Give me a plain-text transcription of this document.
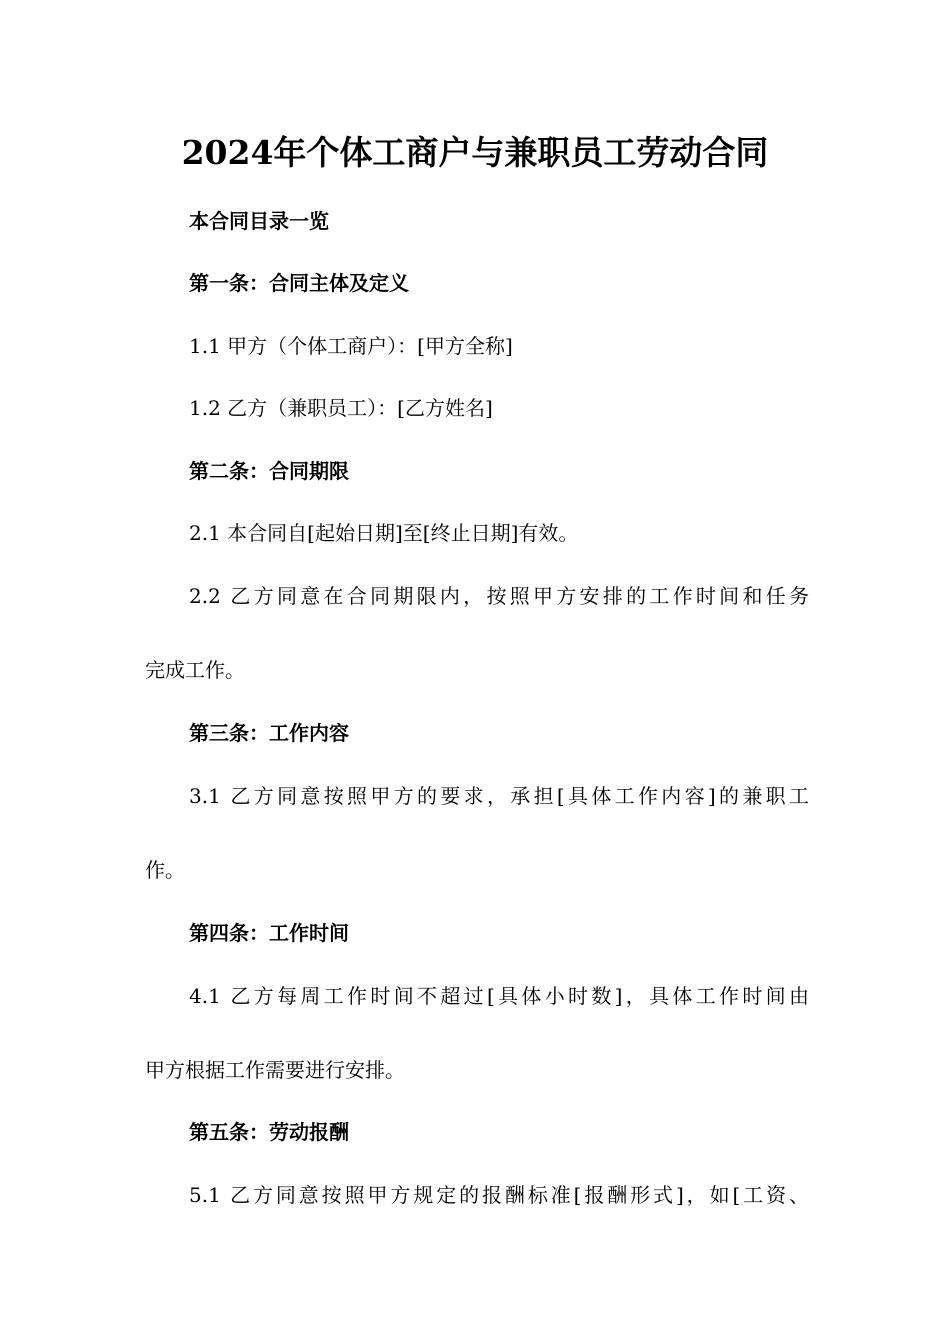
2024年个体工商户与兼职员工劳动合同
本合同目录一览
第一条：合同主体及定义
1.1 甲方（个体工商户）：[甲方全称]
1.2 乙方（兼职员工）：[乙方姓名]
第二条：合同期限
2.1 本合同自[起始日期]至[终止日期]有效。
2.2 乙方同意在合同期限内，按照甲方安排的工作时间和任务
完成工作。
第三条：工作内容
3.1 乙方同意按照甲方的要求，承担[具体工作内容]的兼职工
作。
第四条：工作时间
4.1 乙方每周工作时间不超过[具体小时数]，具体工作时间由
甲方根据工作需要进行安排。
第五条：劳动报酬
5.1 乙方同意按照甲方规定的报酬标准[报酬形式]，如[工资、
